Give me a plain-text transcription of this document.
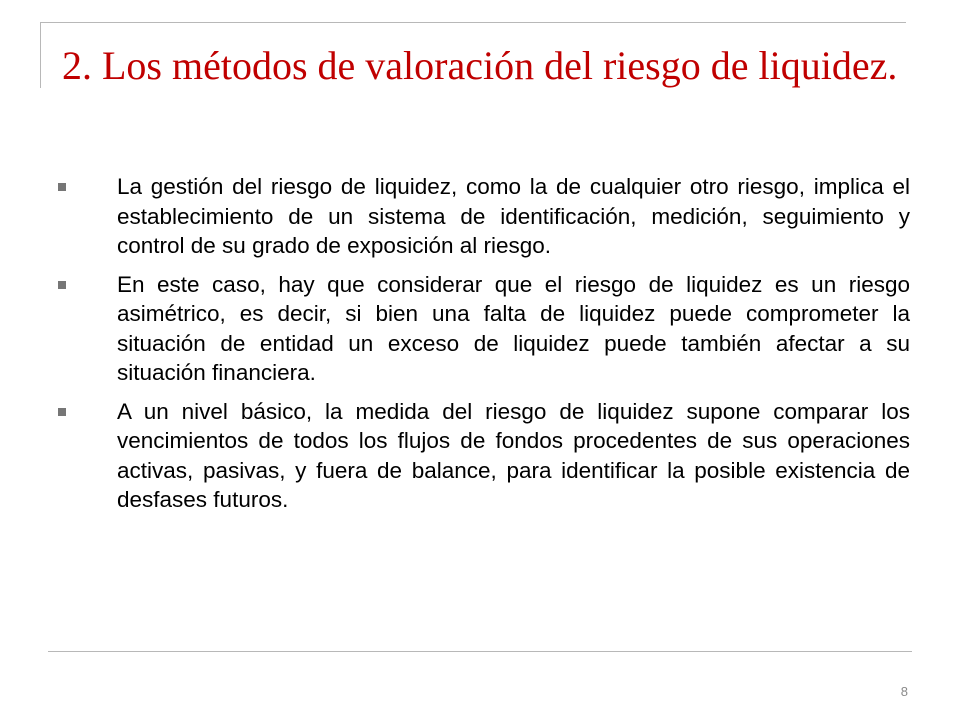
2. Los métodos de valoración del riesgo de liquidez.
La gestión del riesgo de liquidez, como la de cualquier otro riesgo, implica el establecimiento de un sistema de identificación, medición, seguimiento y control de su grado de exposición al riesgo.
En este caso, hay que considerar que el riesgo de liquidez es un riesgo asimétrico, es decir, si bien una falta de liquidez puede comprometer la situación de entidad un exceso de liquidez puede también afectar a su situación financiera.
A un nivel básico, la medida del riesgo de liquidez supone comparar los vencimientos de todos los flujos de fondos procedentes de sus operaciones activas, pasivas, y fuera de balance, para identificar la posible existencia de desfases futuros.
8
